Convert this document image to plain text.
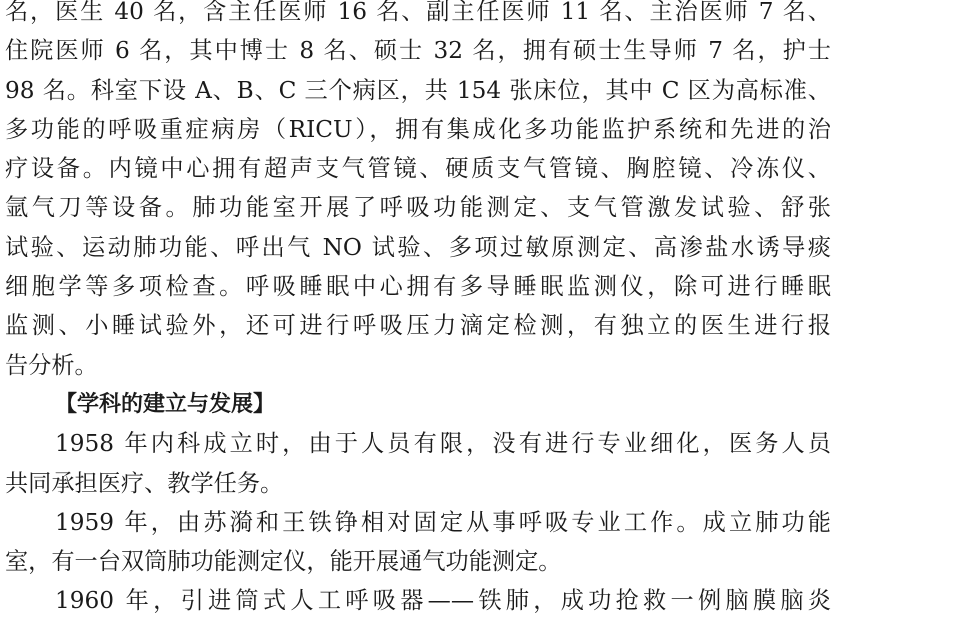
名，医生 40 名，含主任医师 16 名、副主任医师 11 名、主治医师 7 名、
住院医师 6 名，其中博士 8 名、硕士 32 名，拥有硕士生导师 7 名，护士
98 名。科室下设 A、B、C 三个病区，共 154 张床位，其中 C 区为高标准、
多功能的呼吸重症病房（RICU），拥有集成化多功能监护系统和先进的治
疗设备。内镜中心拥有超声支气管镜、硬质支气管镜、胸腔镜、冷冻仪、
氩气刀等设备。肺功能室开展了呼吸功能测定、支气管激发试验、舒张
试验、运动肺功能、呼出气 NO 试验、多项过敏原测定、高渗盐水诱导痰
细胞学等多项检查。呼吸睡眠中心拥有多导睡眠监测仪，除可进行睡眠
监测、小睡试验外，还可进行呼吸压力滴定检测，有独立的医生进行报
告分析。
【学科的建立与发展】
1958 年内科成立时，由于人员有限，没有进行专业细化，医务人员
共同承担医疗、教学任务。
1959 年，由苏漪和王铁铮相对固定从事呼吸专业工作。成立肺功能
室，有一台双筒肺功能测定仪，能开展通气功能测定。
1960 年，引进筒式人工呼吸器——铁肺，成功抢救一例脑膜脑炎
